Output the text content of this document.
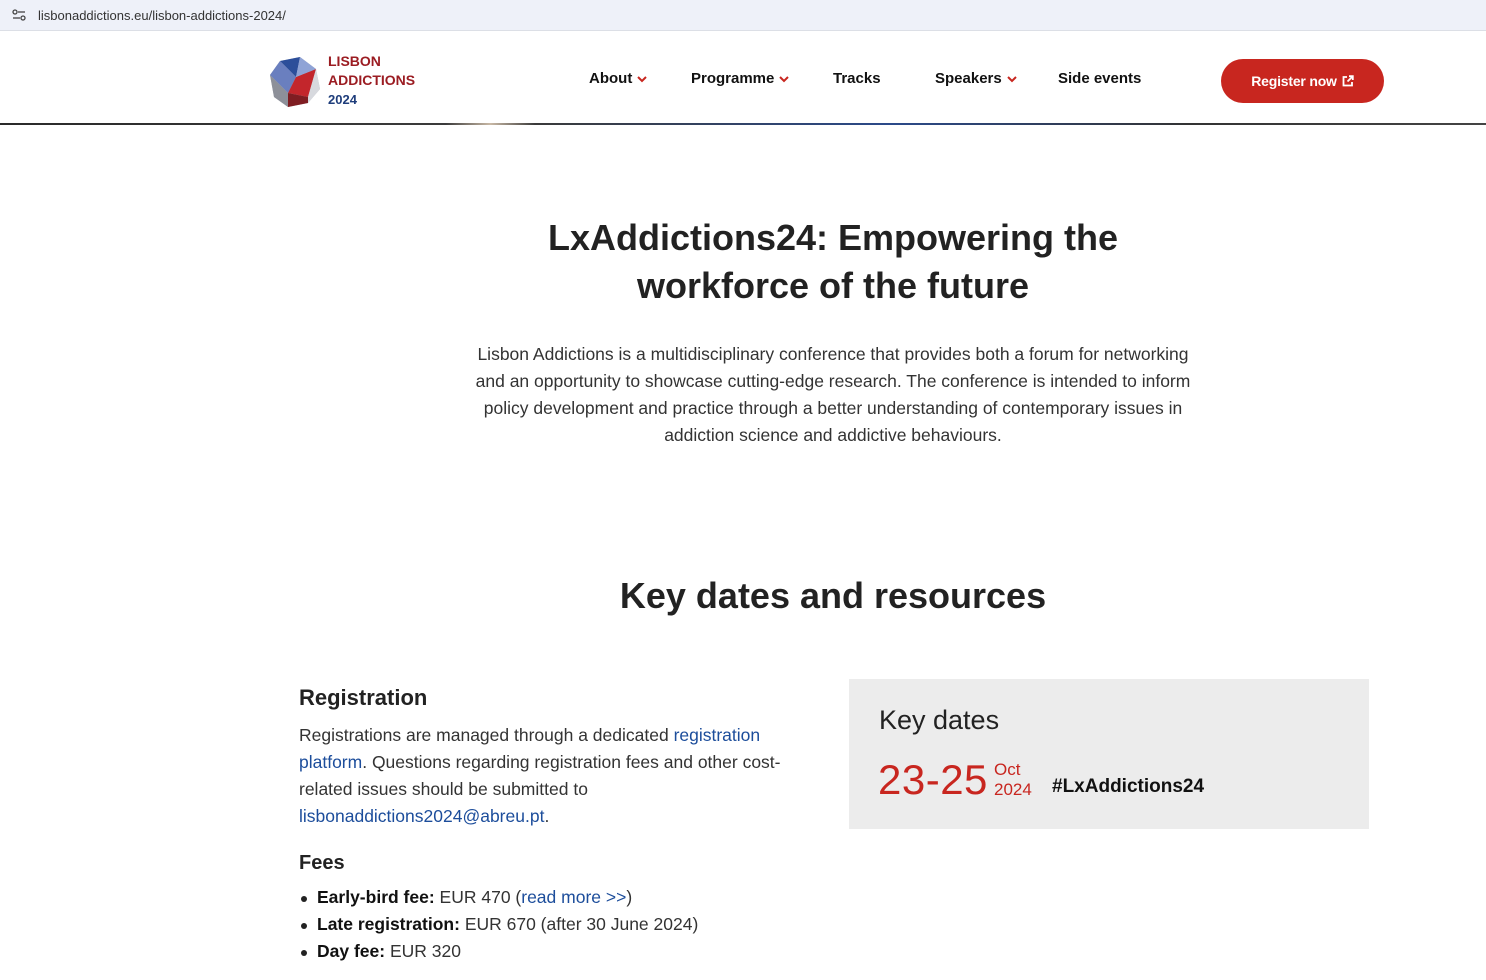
lisbonaddictions.eu/lisbon-addictions-2024/
LISBON
ADDICTIONS
2024
About	Programme	Tracks	Speakers	Side events	Register now
LxAddictions24: Empowering the
workforce of the future

Lisbon Addictions is a multidisciplinary conference that provides both a forum for networking and an opportunity to showcase cutting-edge research. The conference is intended to inform policy development and practice through a better understanding of contemporary issues in addiction science and addictive behaviours.

Key dates and resources
Registration

Registrations are managed through a dedicated registration platform. Questions regarding registration fees and other cost-related issues should be submitted to lisbonaddictions2024@abreu.pt.

Fees
Early-bird fee: EUR 470 (read more >>)
Late registration: EUR 670 (after 30 June 2024)
Day fee: EUR 320
Key dates
23-25 Oct
2024 #LxAddictions24
